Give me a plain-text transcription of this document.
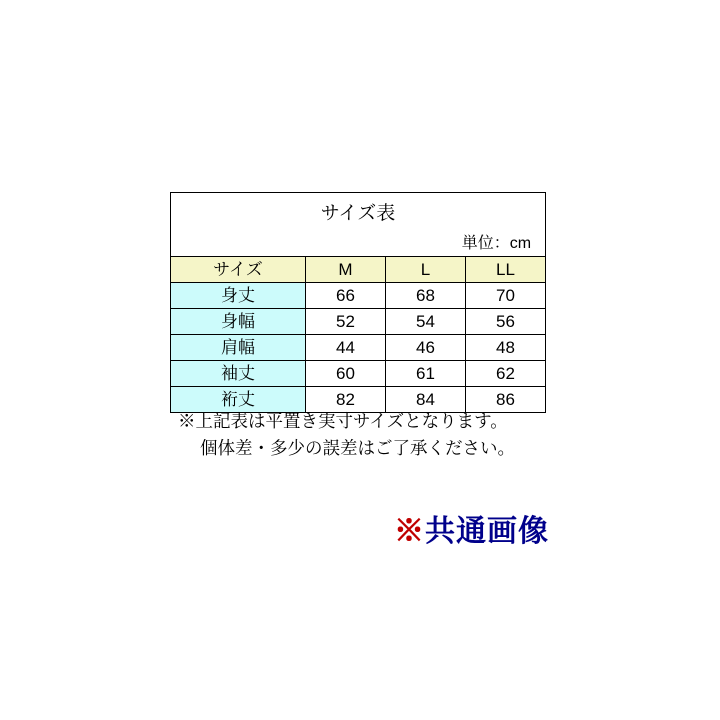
サイズ表
単位：cm			

サイズ	M	L	LL
身丈	66	68	70
身幅	52	54	56
肩幅	44	46	48
袖丈	60	61	62
裄丈	82	84	86
※上記表は平置き実寸サイズとなります。
個体差・多少の誤差はご了承ください。
※共通画像
